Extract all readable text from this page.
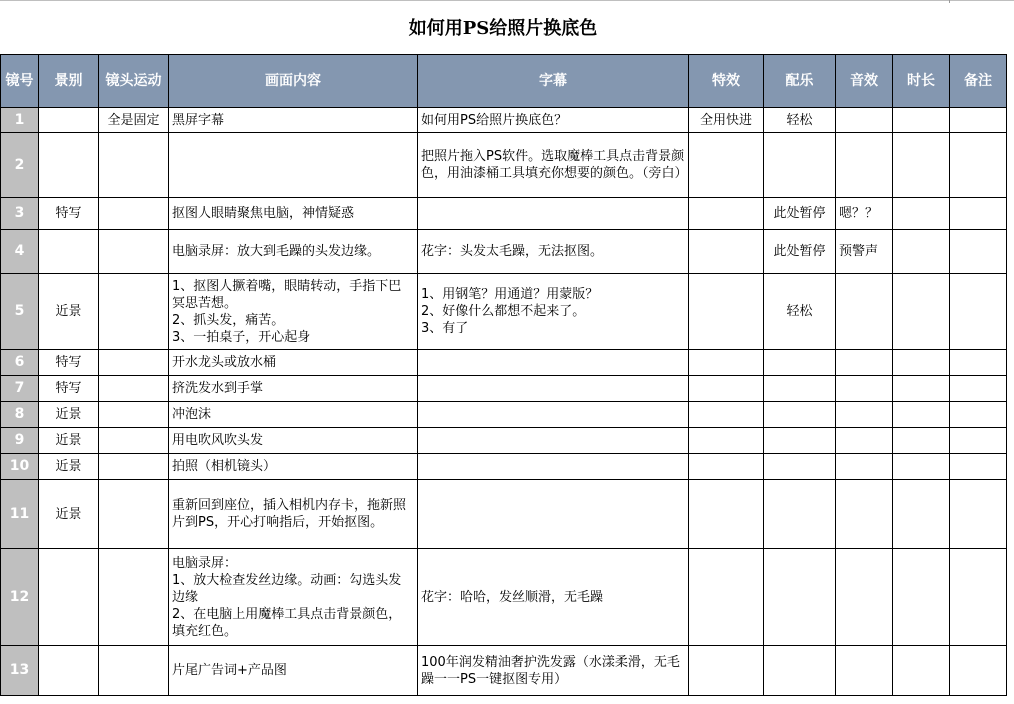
如何用PS给照片换底色
镜号	景别	镜头运动	画面内容	字幕	特效	配乐	音效	时长	备注
1		全是固定	黑屏字幕	如何用PS给照片换底色？	全用快进	轻松			
2				把照片拖入PS软件。选取魔棒工具点击背景颜色，用油漆桶工具填充你想要的颜色。（旁白）					
3	特写		抠图人眼睛聚焦电脑，神情疑惑			此处暂停	嗯？？		
4			电脑录屏：放大到毛躁的头发边缘。	花字：头发太毛躁，无法抠图。		此处暂停	预警声		
5	近景		1、抠图人撅着嘴，眼睛转动，手指下巴冥思苦想。
2、抓头发，痛苦。
3、一拍桌子，开心起身	1、用钢笔？用通道？用蒙版？
2、好像什么都想不起来了。
3、有了		轻松			
6	特写		开水龙头或放水桶						
7	特写		挤洗发水到手掌						
8	近景		冲泡沫						
9	近景		用电吹风吹头发						
10	近景		拍照（相机镜头）						
11	近景		重新回到座位，插入相机内存卡，拖新照片到PS，开心打响指后，开始抠图。						
12			电脑录屏：
1、放大检查发丝边缘。动画：勾选头发边缘
2、在电脑上用魔棒工具点击背景颜色，填充红色。	花字：哈哈，发丝顺滑，无毛躁					
13			片尾广告词+产品图	100年润发精油奢护洗发露（水漾柔滑，无毛躁一一PS一键抠图专用）					
